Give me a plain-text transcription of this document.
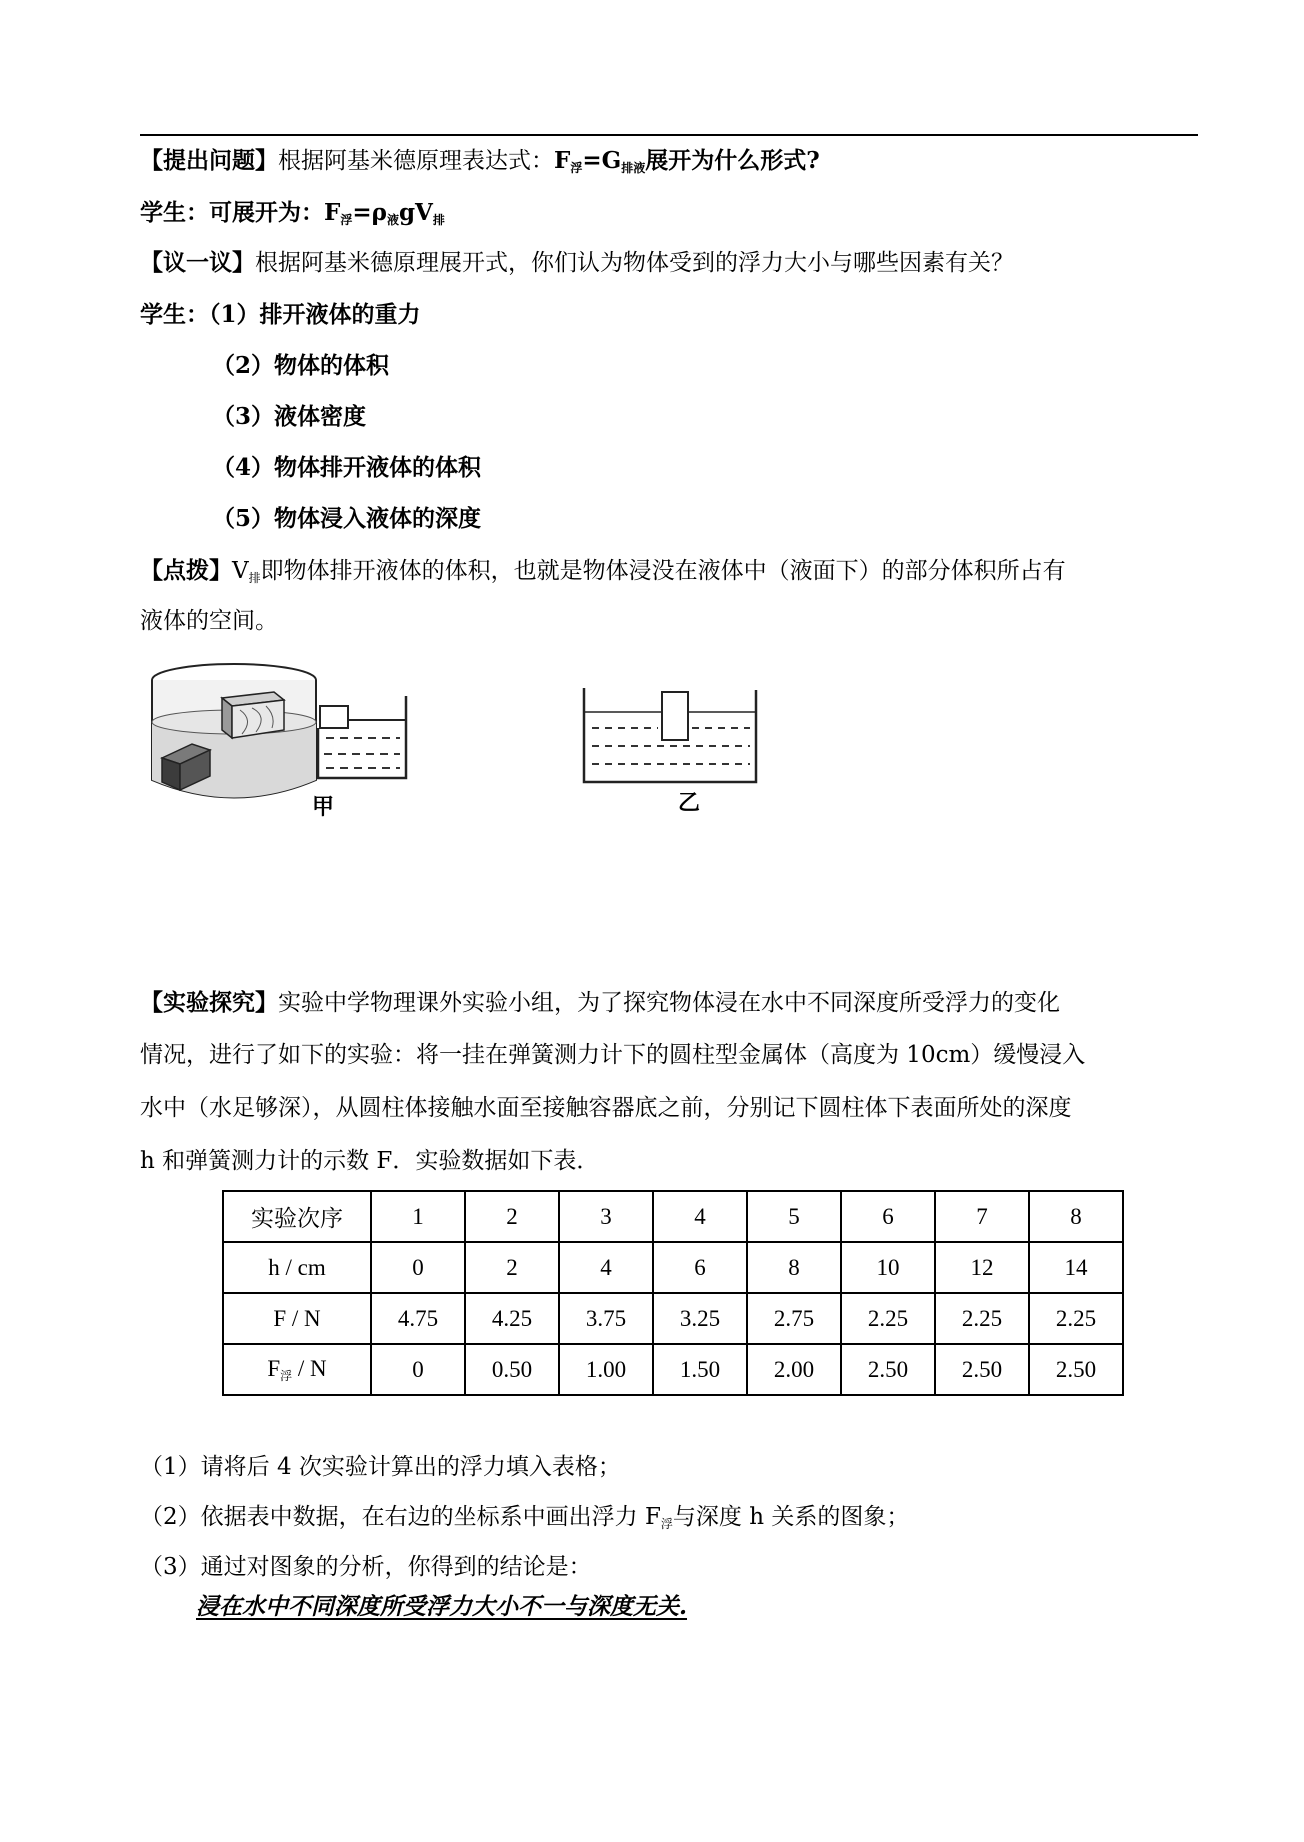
【提出问题】根据阿基米德原理表达式：$F_浮=G_{排液}$展开为什么形式?
学生：可展开为：$F_浮=\rho_液gV_排$
【议一议】根据阿基米德原理展开式，你们认为物体受到的浮力大小与哪些因素有关？
学生：（1）排开液体的重力
（2）物体的体积
（3）液体密度
（4）物体排开液体的体积
（5）物体浸入液体的深度
【点拨】$V_排$即物体排开液体的体积，也就是物体浸没在液体中（液面下）的部分体积所占有
液体的空间。
甲	乙
【实验探究】实验中学物理课外实验小组，为了探究物体浸在水中不同深度所受浮力的变化
情况，进行了如下的实验：将一挂在弹簧测力计下的圆柱型金属体（高度为 10cm）缓慢浸入
水中（水足够深），从圆柱体接触水面至接触容器底之前，分别记下圆柱体下表面所处的深度
h 和弹簧测力计的示数 F．实验数据如下表．
实验次序	1	2	3	4	5	6	7	8
h / cm	0	2	4	6	8	10	12	14
F / N	4.75	4.25	3.75	3.25	2.75	2.25	2.25	2.25
$F_浮$ / N	0	0.50	1.00	1.50	2.00	2.50	2.50	2.50
（1）请将后 4 次实验计算出的浮力填入表格；
（2）依据表中数据，在右边的坐标系中画出浮力 $F_浮$与深度 h 关系的图象；
（3）通过对图象的分析，你得到的结论是：
浸在水中不同深度所受浮力大小不一与深度无关.
